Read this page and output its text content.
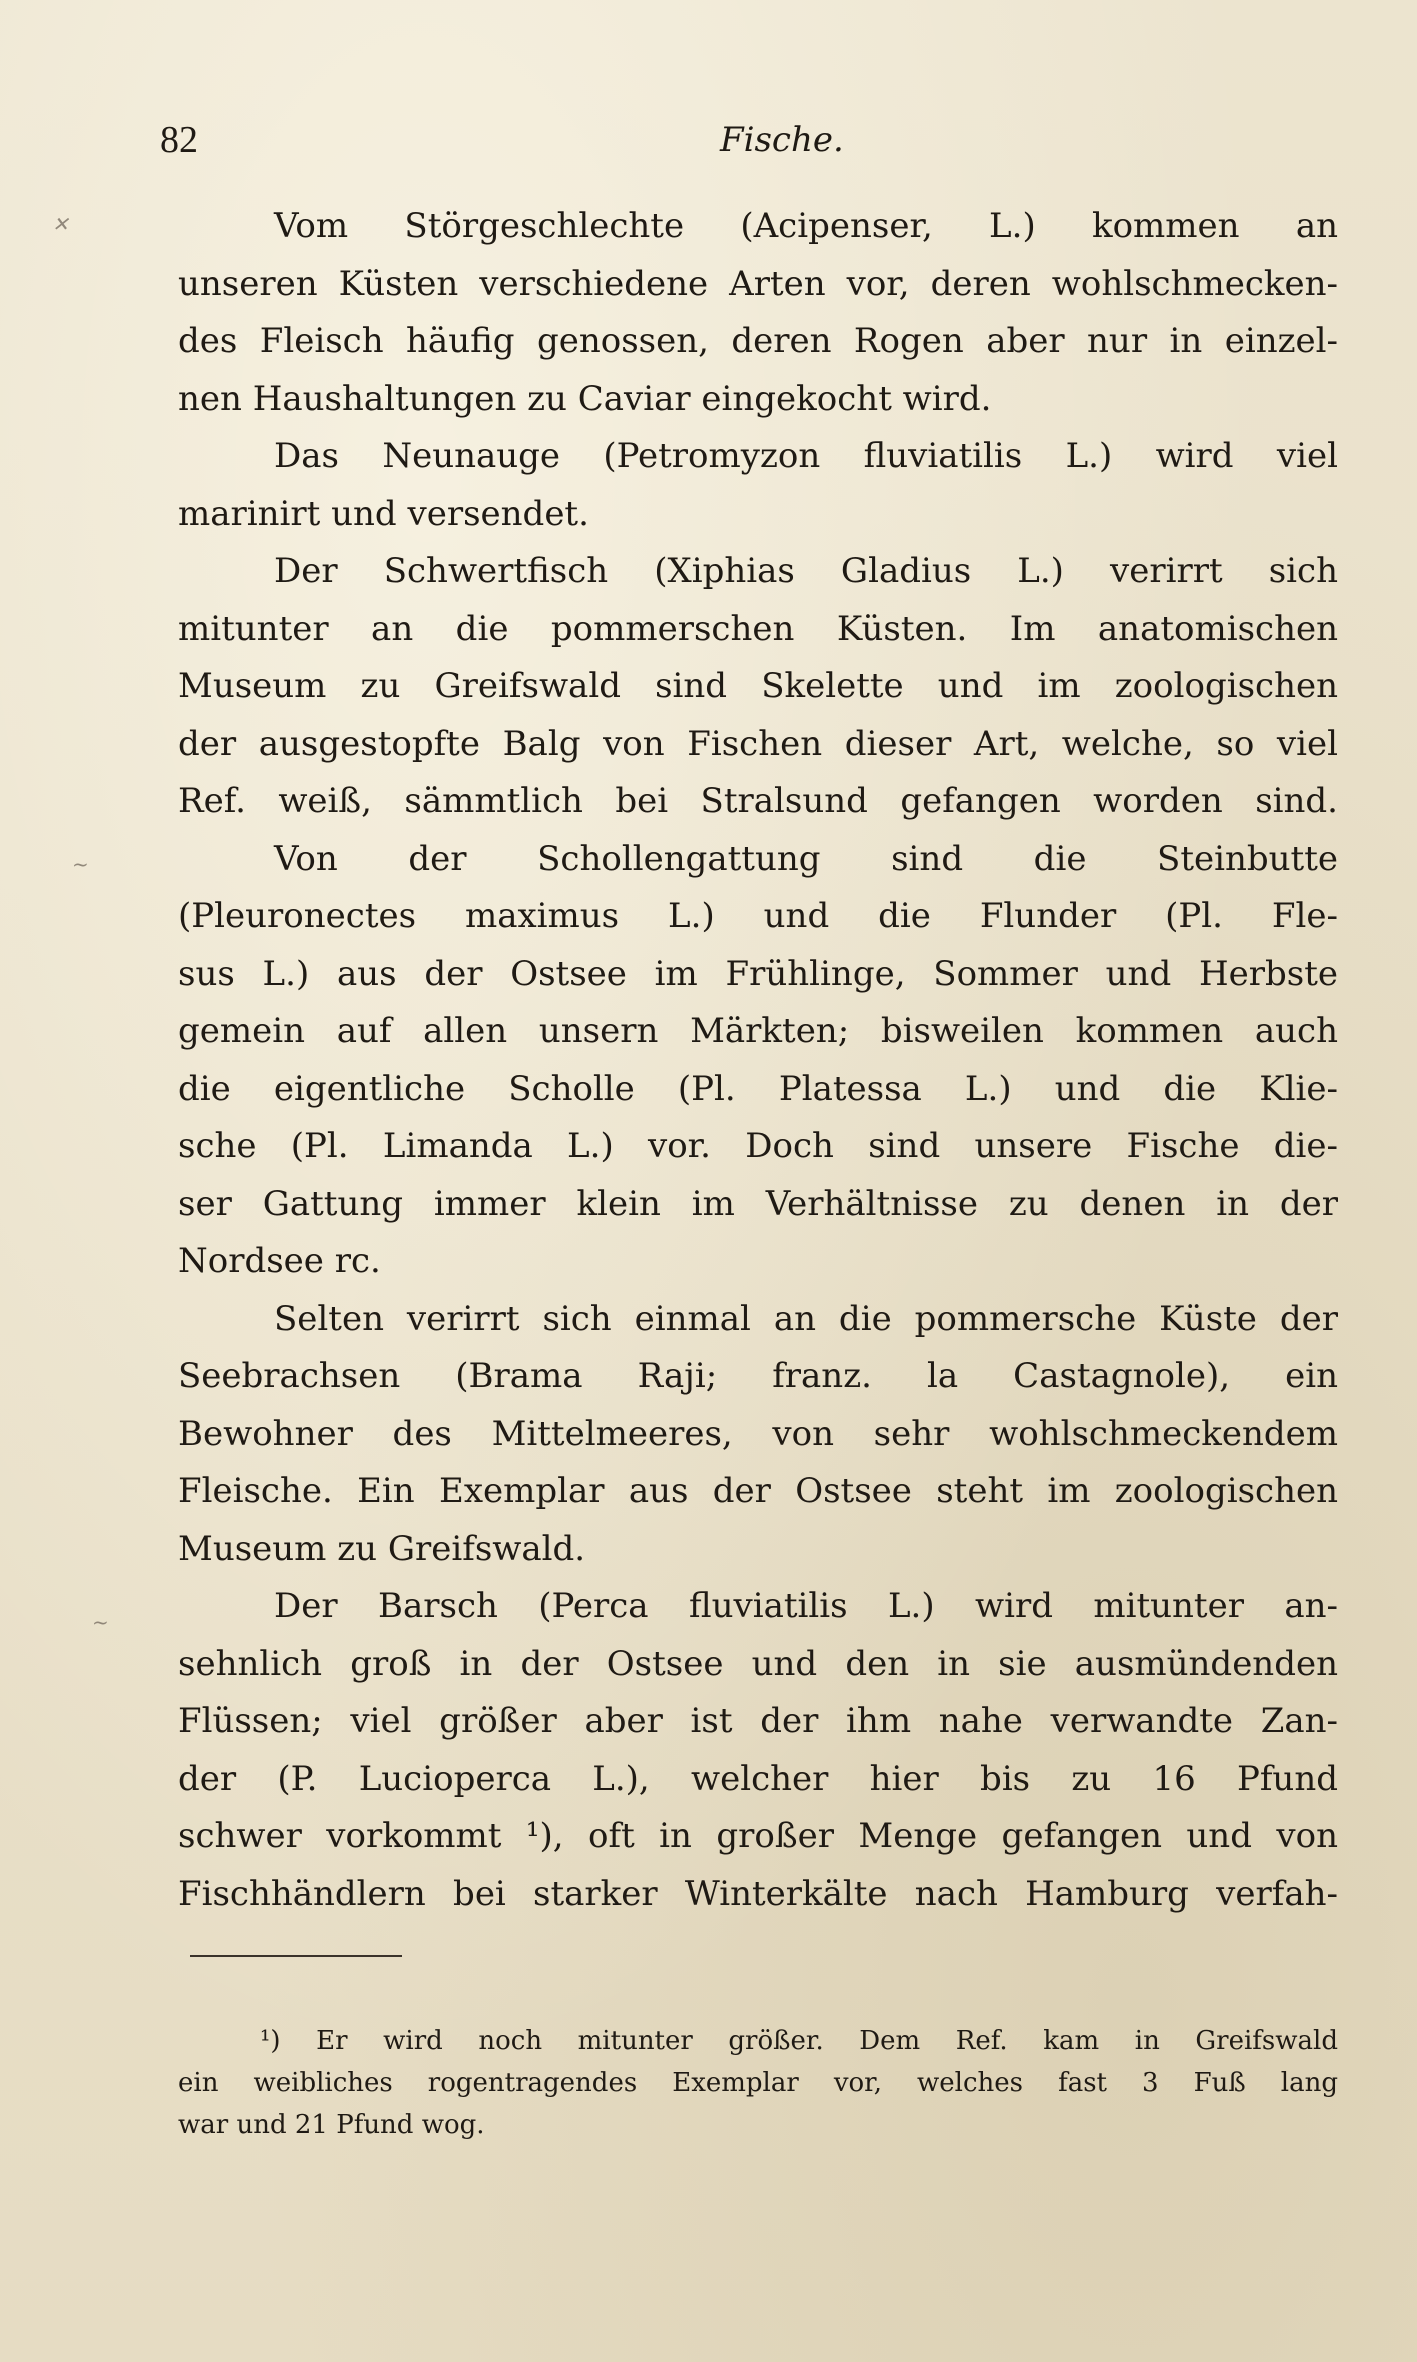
82	Fische.
✕
~
~
Vom Störgeschlechte (Acipenser, L.) kommen an
unseren Küsten verschiedene Arten vor, deren wohlschmecken-
des Fleisch häufig genossen, deren Rogen aber nur in einzel-
nen Haushaltungen zu Caviar eingekocht wird.
Das Neunauge (Petromyzon fluviatilis L.) wird viel
marinirt und versendet.
Der Schwertfisch (Xiphias Gladius L.) verirrt sich
mitunter an die pommerschen Küsten. Im anatomischen
Museum zu Greifswald sind Skelette und im zoologischen
der ausgestopfte Balg von Fischen dieser Art, welche, so viel
Ref. weiß, sämmtlich bei Stralsund gefangen worden sind.
Von der Schollengattung sind die Steinbutte
(Pleuronectes maximus L.) und die Flunder (Pl. Fle-
sus L.) aus der Ostsee im Frühlinge, Sommer und Herbste
gemein auf allen unsern Märkten; bisweilen kommen auch
die eigentliche Scholle (Pl. Platessa L.) und die Klie-
sche (Pl. Limanda L.) vor. Doch sind unsere Fische die-
ser Gattung immer klein im Verhältnisse zu denen in der
Nordsee rc.
Selten verirrt sich einmal an die pommersche Küste der
Seebrachsen (Brama Raji; franz. la Castagnole), ein
Bewohner des Mittelmeeres, von sehr wohlschmeckendem
Fleische. Ein Exemplar aus der Ostsee steht im zoologischen
Museum zu Greifswald.
Der Barsch (Perca fluviatilis L.) wird mitunter an-
sehnlich groß in der Ostsee und den in sie ausmündenden
Flüssen; viel größer aber ist der ihm nahe verwandte Zan-
der (P. Lucioperca L.), welcher hier bis zu 16 Pfund
schwer vorkommt ¹), oft in großer Menge gefangen und von
Fischhändlern bei starker Winterkälte nach Hamburg verfah-
¹) Er wird noch mitunter größer. Dem Ref. kam in Greifswald
ein weibliches rogentragendes Exemplar vor, welches fast 3 Fuß lang
war und 21 Pfund wog.
